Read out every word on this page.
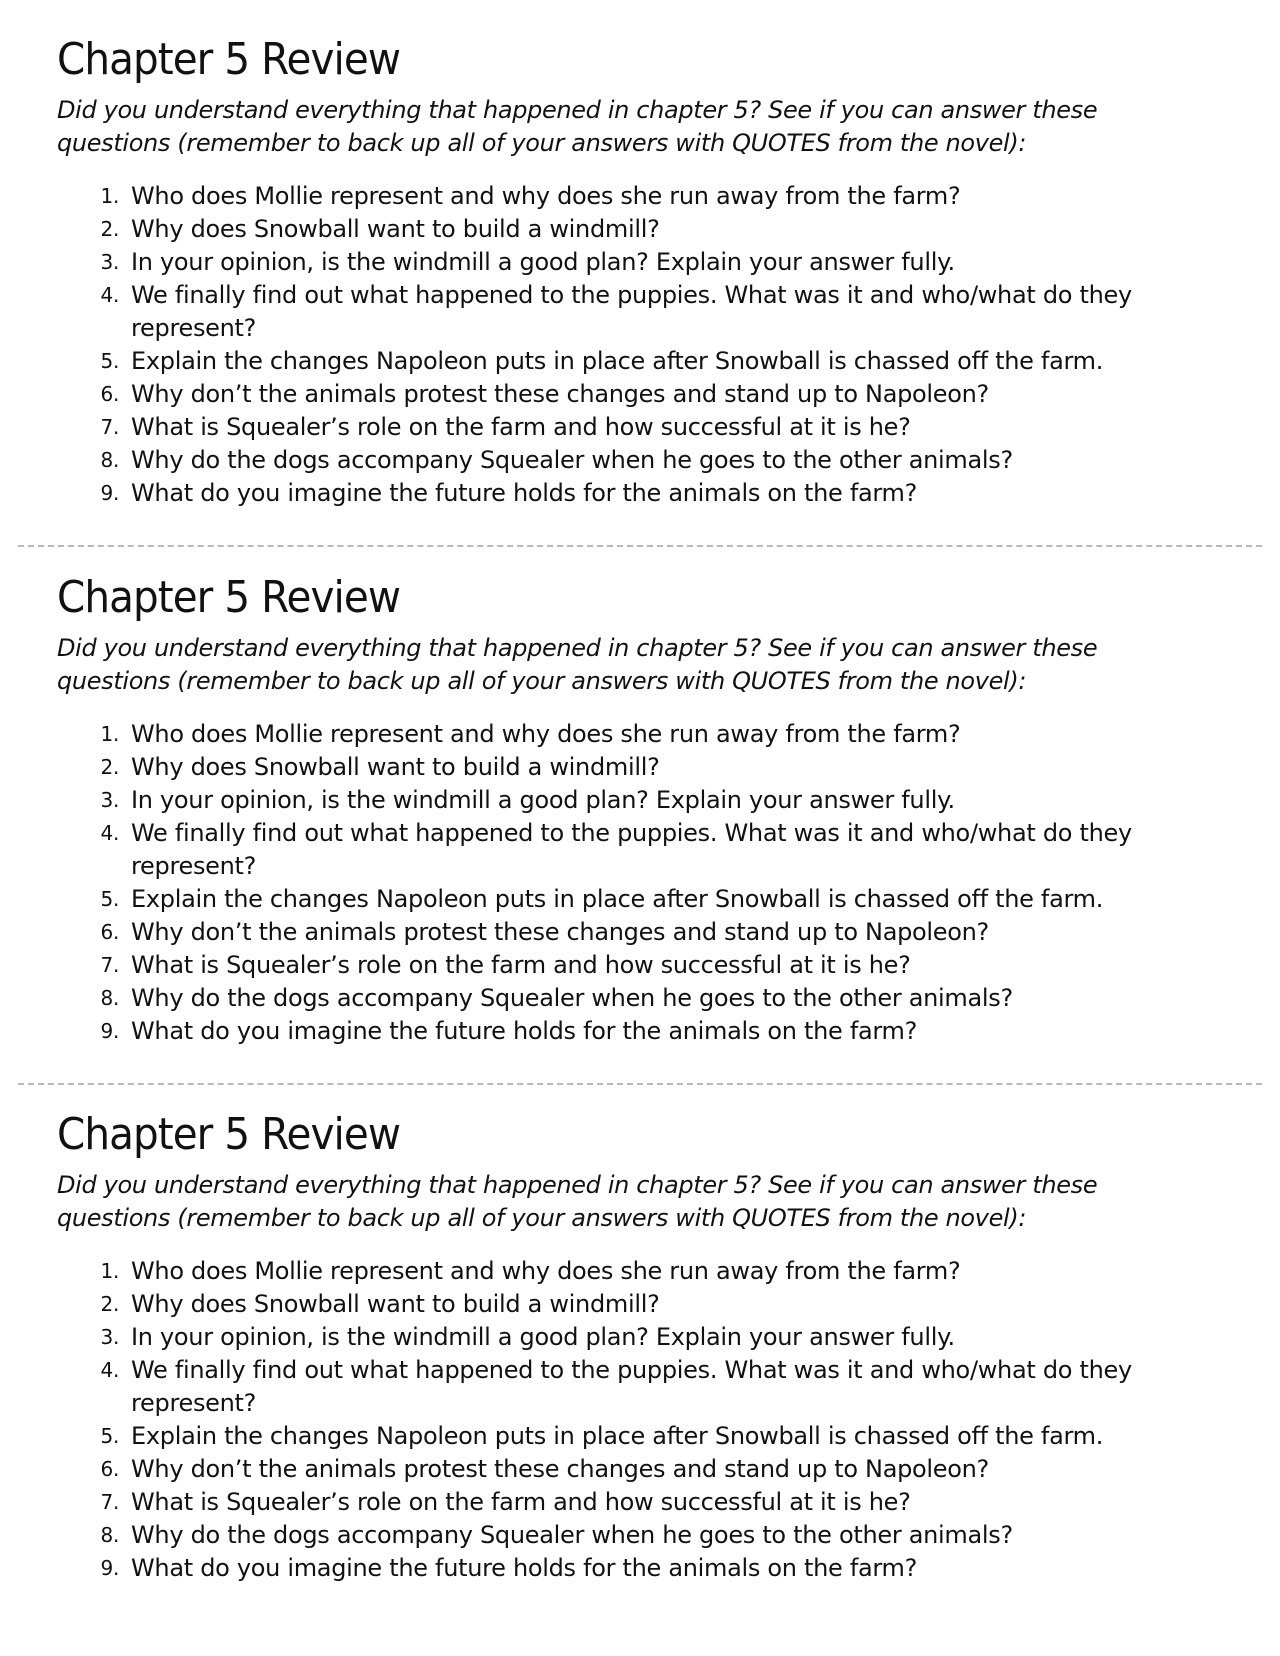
Chapter 5 Review

Did you understand everything that happened in chapter 5? See if you can answer these questions (remember to back up all of your answers with QUOTES from the novel):

1. Who does Mollie represent and why does she run away from the farm?
2. Why does Snowball want to build a windmill?
3. In your opinion, is the windmill a good plan? Explain your answer fully.
4. We finally find out what happened to the puppies. What was it and who/what do they represent?
5. Explain the changes Napoleon puts in place after Snowball is chassed off the farm.
6. Why don’t the animals protest these changes and stand up to Napoleon?
7. What is Squealer’s role on the farm and how successful at it is he?
8. Why do the dogs accompany Squealer when he goes to the other animals?
9. What do you imagine the future holds for the animals on the farm?
Chapter 5 Review

Did you understand everything that happened in chapter 5? See if you can answer these questions (remember to back up all of your answers with QUOTES from the novel):

1. Who does Mollie represent and why does she run away from the farm?
2. Why does Snowball want to build a windmill?
3. In your opinion, is the windmill a good plan? Explain your answer fully.
4. We finally find out what happened to the puppies. What was it and who/what do they represent?
5. Explain the changes Napoleon puts in place after Snowball is chassed off the farm.
6. Why don’t the animals protest these changes and stand up to Napoleon?
7. What is Squealer’s role on the farm and how successful at it is he?
8. Why do the dogs accompany Squealer when he goes to the other animals?
9. What do you imagine the future holds for the animals on the farm?
Chapter 5 Review

Did you understand everything that happened in chapter 5? See if you can answer these questions (remember to back up all of your answers with QUOTES from the novel):

1. Who does Mollie represent and why does she run away from the farm?
2. Why does Snowball want to build a windmill?
3. In your opinion, is the windmill a good plan? Explain your answer fully.
4. We finally find out what happened to the puppies. What was it and who/what do they represent?
5. Explain the changes Napoleon puts in place after Snowball is chassed off the farm.
6. Why don’t the animals protest these changes and stand up to Napoleon?
7. What is Squealer’s role on the farm and how successful at it is he?
8. Why do the dogs accompany Squealer when he goes to the other animals?
9. What do you imagine the future holds for the animals on the farm?
